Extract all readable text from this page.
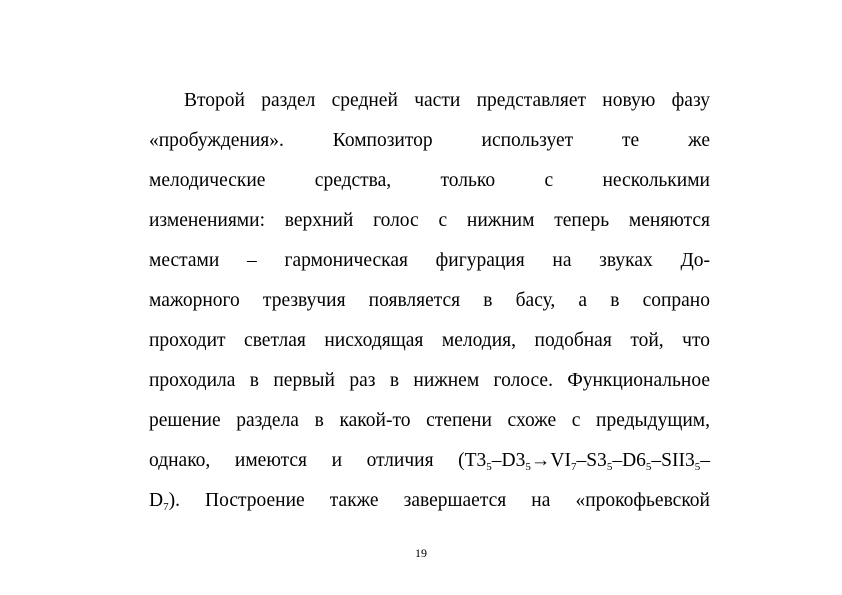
Второй раздел средней части представляет новую фазу
«пробуждения». Композитор использует те же
мелодические средства, только с несколькими
изменениями: верхний голос с нижним теперь меняются
местами – гармоническая фигурация на звуках До-
мажорного трезвучия появляется в басу, а в сопрано
проходит светлая нисходящая мелодия, подобная той, что
проходила в первый раз в нижнем голосе. Функциональное
решение раздела в какой-то степени схоже с предыдущим,
однако, имеются и отличия ($Т3_5-D3_5\to VI_7-S3_5-D6_5-SII3_5-$
$D_7$). Построение также завершается на «прокофьевской
19
